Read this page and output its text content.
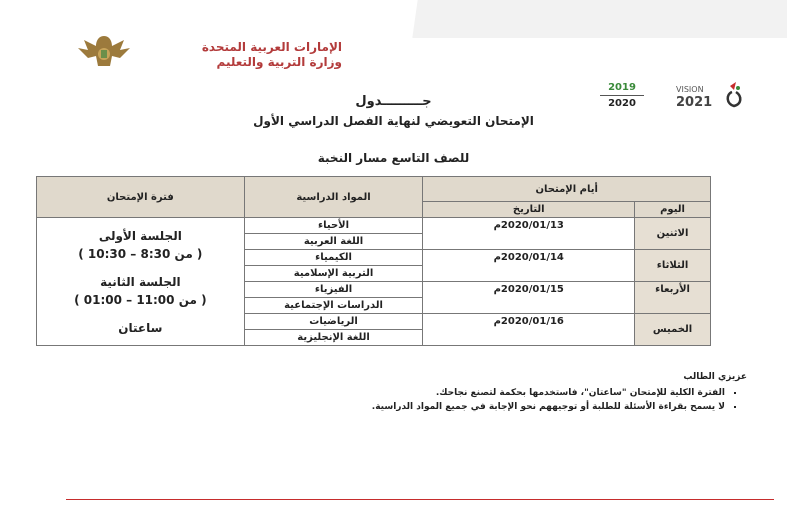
الإمارات العربية المتحدة
وزارة التربية والتعليم
2019
2020
VISION
2021
جـــــــــدول
الإمتحان التعويضي لنهاية الفصل الدراسي الأول
للصف التاسع مسار النخبة
أيام الإمتحان		المواد الدراسية	فترة الإمتحان
اليوم	التاريخ		
الاثنين	2020/01/13م	الأحياء	الجلسة الأولى
( من 8:30 – 10:30 )
الجلسة الثانية
( من 11:00 – 01:00 )
ساعتان

		اللغة العربية	
الثلاثاء	2020/01/14م	الكيمياء	
		التربية الإسلامية	
الأربعاء	2020/01/15م	الفيزياء	
		الدراسات الإجتماعية	
الخميس	2020/01/16م	الرياضيات	
		اللغة الإنجليزية	
عزيزي الطالب
▪ الفترة الكلية للإمتحان "ساعتان"، فاستخدمها بحكمة لتصنع نجاحك.
▪ لا يسمح بقراءة الأسئلة للطلبة أو توجيههم نحو الإجابة في جميع المواد الدراسية.
